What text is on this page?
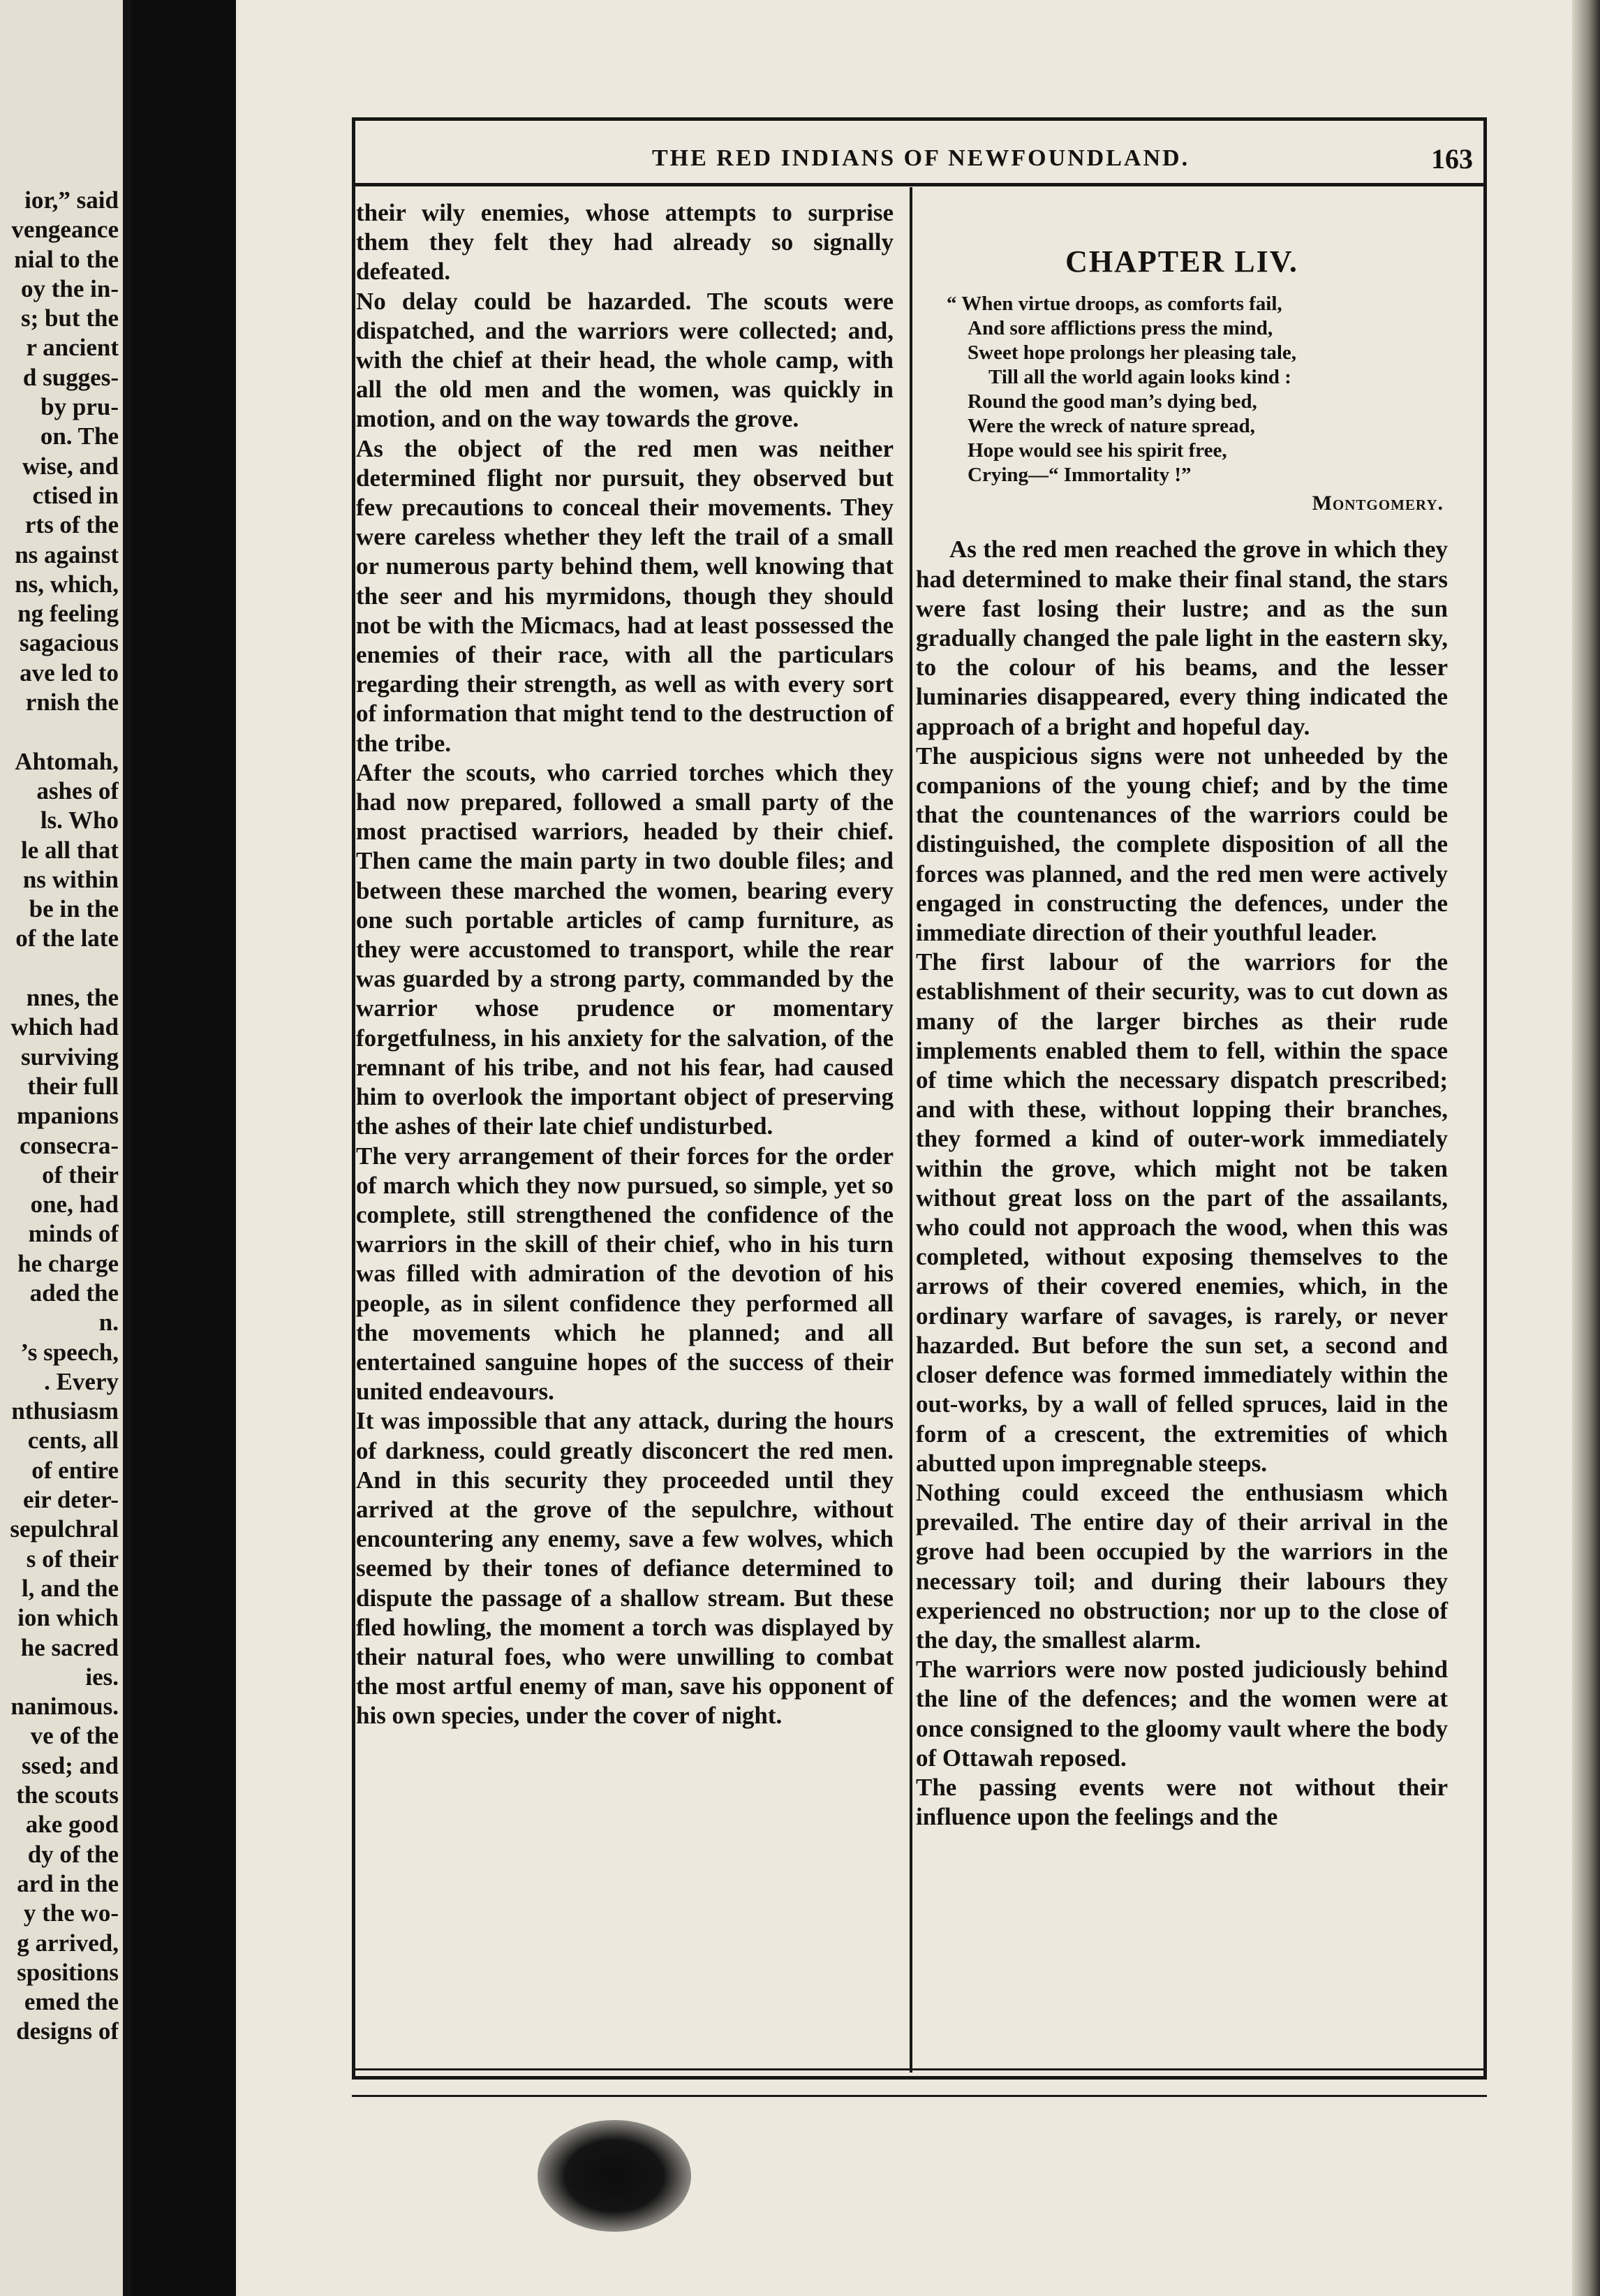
ior,” said
vengeance
nial to the
oy the in-
s; but the
r ancient
d sugges-
by pru-
on. The
wise, and
ctised in
rts of the
ns against
ns, which,
ng feeling
sagacious
ave led to
rnish the
Ahtomah,
ashes of
ls. Who
le all that
ns within
be in the
of the late
nnes, the
which had
surviving
their full
mpanions
consecra-
of their
one, had
minds of
he charge
aded the
n.
’s speech,
. Every
nthusiasm
cents, all
of entire
eir deter-
sepulchral
s of their
l, and the
ion which
he sacred
ies.
nanimous.
ve of the
ssed; and
the scouts
ake good
dy of the
ard in the
y the wo-
g arrived,
spositions
emed the
designs of
THE RED INDIANS OF NEWFOUNDLAND.	163

their wily enemies, whose attempts to surprise them they felt they had already so signally defeated.

No delay could be hazarded. The scouts were dispatched, and the warriors were collected; and, with the chief at their head, the whole camp, with all the old men and the women, was quickly in motion, and on the way towards the grove.

As the object of the red men was neither determined flight nor pursuit, they observed but few precautions to conceal their movements. They were careless whether they left the trail of a small or numerous party behind them, well knowing that the seer and his myrmidons, though they should not be with the Micmacs, had at least possessed the enemies of their race, with all the particulars regarding their strength, as well as with every sort of information that might tend to the destruction of the tribe.

After the scouts, who carried torches which they had now prepared, followed a small party of the most practised warriors, headed by their chief. Then came the main party in two double files; and between these marched the women, bearing every one such portable articles of camp furniture, as they were accustomed to transport, while the rear was guarded by a strong party, commanded by the warrior whose prudence or momentary forgetfulness, in his anxiety for the salvation, of the remnant of his tribe, and not his fear, had caused him to overlook the important object of preserving the ashes of their late chief undisturbed.

The very arrangement of their forces for the order of march which they now pursued, so simple, yet so complete, still strengthened the confidence of the warriors in the skill of their chief, who in his turn was filled with admiration of the devotion of his people, as in silent confidence they performed all the movements which he planned; and all entertained sanguine hopes of the success of their united endeavours.

It was impossible that any attack, during the hours of darkness, could greatly disconcert the red men. And in this security they proceeded until they arrived at the grove of the sepulchre, without encountering any enemy, save a few wolves, which seemed by their tones of defiance determined to dispute the passage of a shallow stream. But these fled howling, the moment a torch was displayed by their natural foes, who were unwilling to combat the most artful enemy of man, save his opponent of his own species, under the cover of night.

CHAPTER LIV.
“ When virtue droops, as comforts fail,
And sore afflictions press the mind,
Sweet hope prolongs her pleasing tale,
Till all the world again looks kind :
Round the good man’s dying bed,
Were the wreck of nature spread,
Hope would see his spirit free,
Crying—“ Immortality !”
Montgomery.

As the red men reached the grove in which they had determined to make their final stand, the stars were fast losing their lustre; and as the sun gradually changed the pale light in the eastern sky, to the colour of his beams, and the lesser luminaries disappeared, every thing indicated the approach of a bright and hopeful day.

The auspicious signs were not unheeded by the companions of the young chief; and by the time that the countenances of the warriors could be distinguished, the complete disposition of all the forces was planned, and the red men were actively engaged in constructing the defences, under the immediate direction of their youthful leader.

The first labour of the warriors for the establishment of their security, was to cut down as many of the larger birches as their rude implements enabled them to fell, within the space of time which the necessary dispatch prescribed; and with these, without lopping their branches, they formed a kind of outer-work immediately within the grove, which might not be taken without great loss on the part of the assailants, who could not approach the wood, when this was completed, without exposing themselves to the arrows of their covered enemies, which, in the ordinary warfare of savages, is rarely, or never hazarded. But before the sun set, a second and closer defence was formed immediately within the out-works, by a wall of felled spruces, laid in the form of a crescent, the extremities of which abutted upon impregnable steeps.

Nothing could exceed the enthusiasm which prevailed. The entire day of their arrival in the grove had been occupied by the warriors in the necessary toil; and during their labours they experienced no obstruction; nor up to the close of the day, the smallest alarm.

The warriors were now posted judiciously behind the line of the defences; and the women were at once consigned to the gloomy vault where the body of Ottawah reposed.

The passing events were not without their influence upon the feelings and the
